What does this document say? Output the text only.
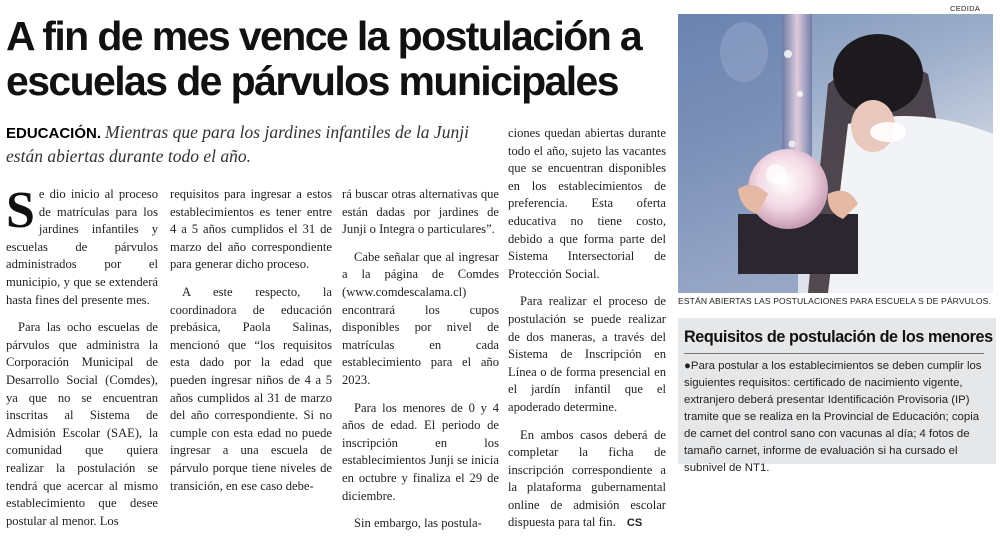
A fin de mes vence la postulación a escuelas de párvulos municipales

EDUCACIÓN. Mientras que para los jardines infantiles de la Junji están abiertas durante todo el año.

Se dio inicio al proceso de matrículas para los jardines infantiles y escuelas de párvulos administrados por el municipio, y que se extenderá hasta fines del presente mes.

Para las ocho escuelas de párvulos que administra la Corporación Municipal de Desarrollo Social (Comdes), ya que no se encuentran inscritas al Sistema de Admisión Escolar (SAE), la comunidad que quiera realizar la postulación se tendrá que acercar al mismo establecimiento que desee postular al menor. Los

requisitos para ingresar a estos establecimientos es tener entre 4 a 5 años cumplidos el 31 de marzo del año correspondiente para generar dicho proceso.

A este respecto, la coordinadora de educación prebásica, Paola Salinas, mencionó que “los requisitos esta dado por la edad que pueden ingresar niños de 4 a 5 años cumplidos al 31 de marzo del año correspondiente. Si no cumple con esta edad no puede ingresar a una escuela de párvulo porque tiene niveles de transición, en ese caso debe-

rá buscar otras alternativas que están dadas por jardines de Junji o Integra o particulares”.

Cabe señalar que al ingresar a la página de Comdes (www.comdescalama.cl) encontrará los cupos disponibles por nivel de matrículas en cada establecimiento para el año 2023.

Para los menores de 0 y 4 años de edad. El periodo de inscripción en los establecimientos Junji se inicia en octubre y finaliza el 29 de diciembre.

Sin embargo, las postula-

ciones quedan abiertas durante todo el año, sujeto las vacantes que se encuentran disponibles en los establecimientos de preferencia. Esta oferta educativa no tiene costo, debido a que forma parte del Sistema Intersectorial de Protección Social.

Para realizar el proceso de postulación se puede realizar de dos maneras, a través del Sistema de Inscripción en Línea o de forma presencial en el jardín infantil que el apoderado determine.

En ambos casos deberá de completar la ficha de inscripción correspondiente a la plataforma gubernamental online de admisión escolar dispuesta para tal fin. CS

CEDIDA

ESTÁN ABIERTAS LAS POSTULACIONES PARA ESCUELA S DE PÁRVULOS.

Requisitos de postulación de los menores

●Para postular a los establecimientos se deben cumplir los siguientes requisitos: certificado de nacimiento vigente, extranjero deberá presentar Identificación Provisoria (IP) tramite que se realiza en la Provincial de Educación; copia de carnet del control sano con vacunas al día; 4 fotos de tamaño carnet, informe de evaluación si ha cursado el subnivel de NT1.
